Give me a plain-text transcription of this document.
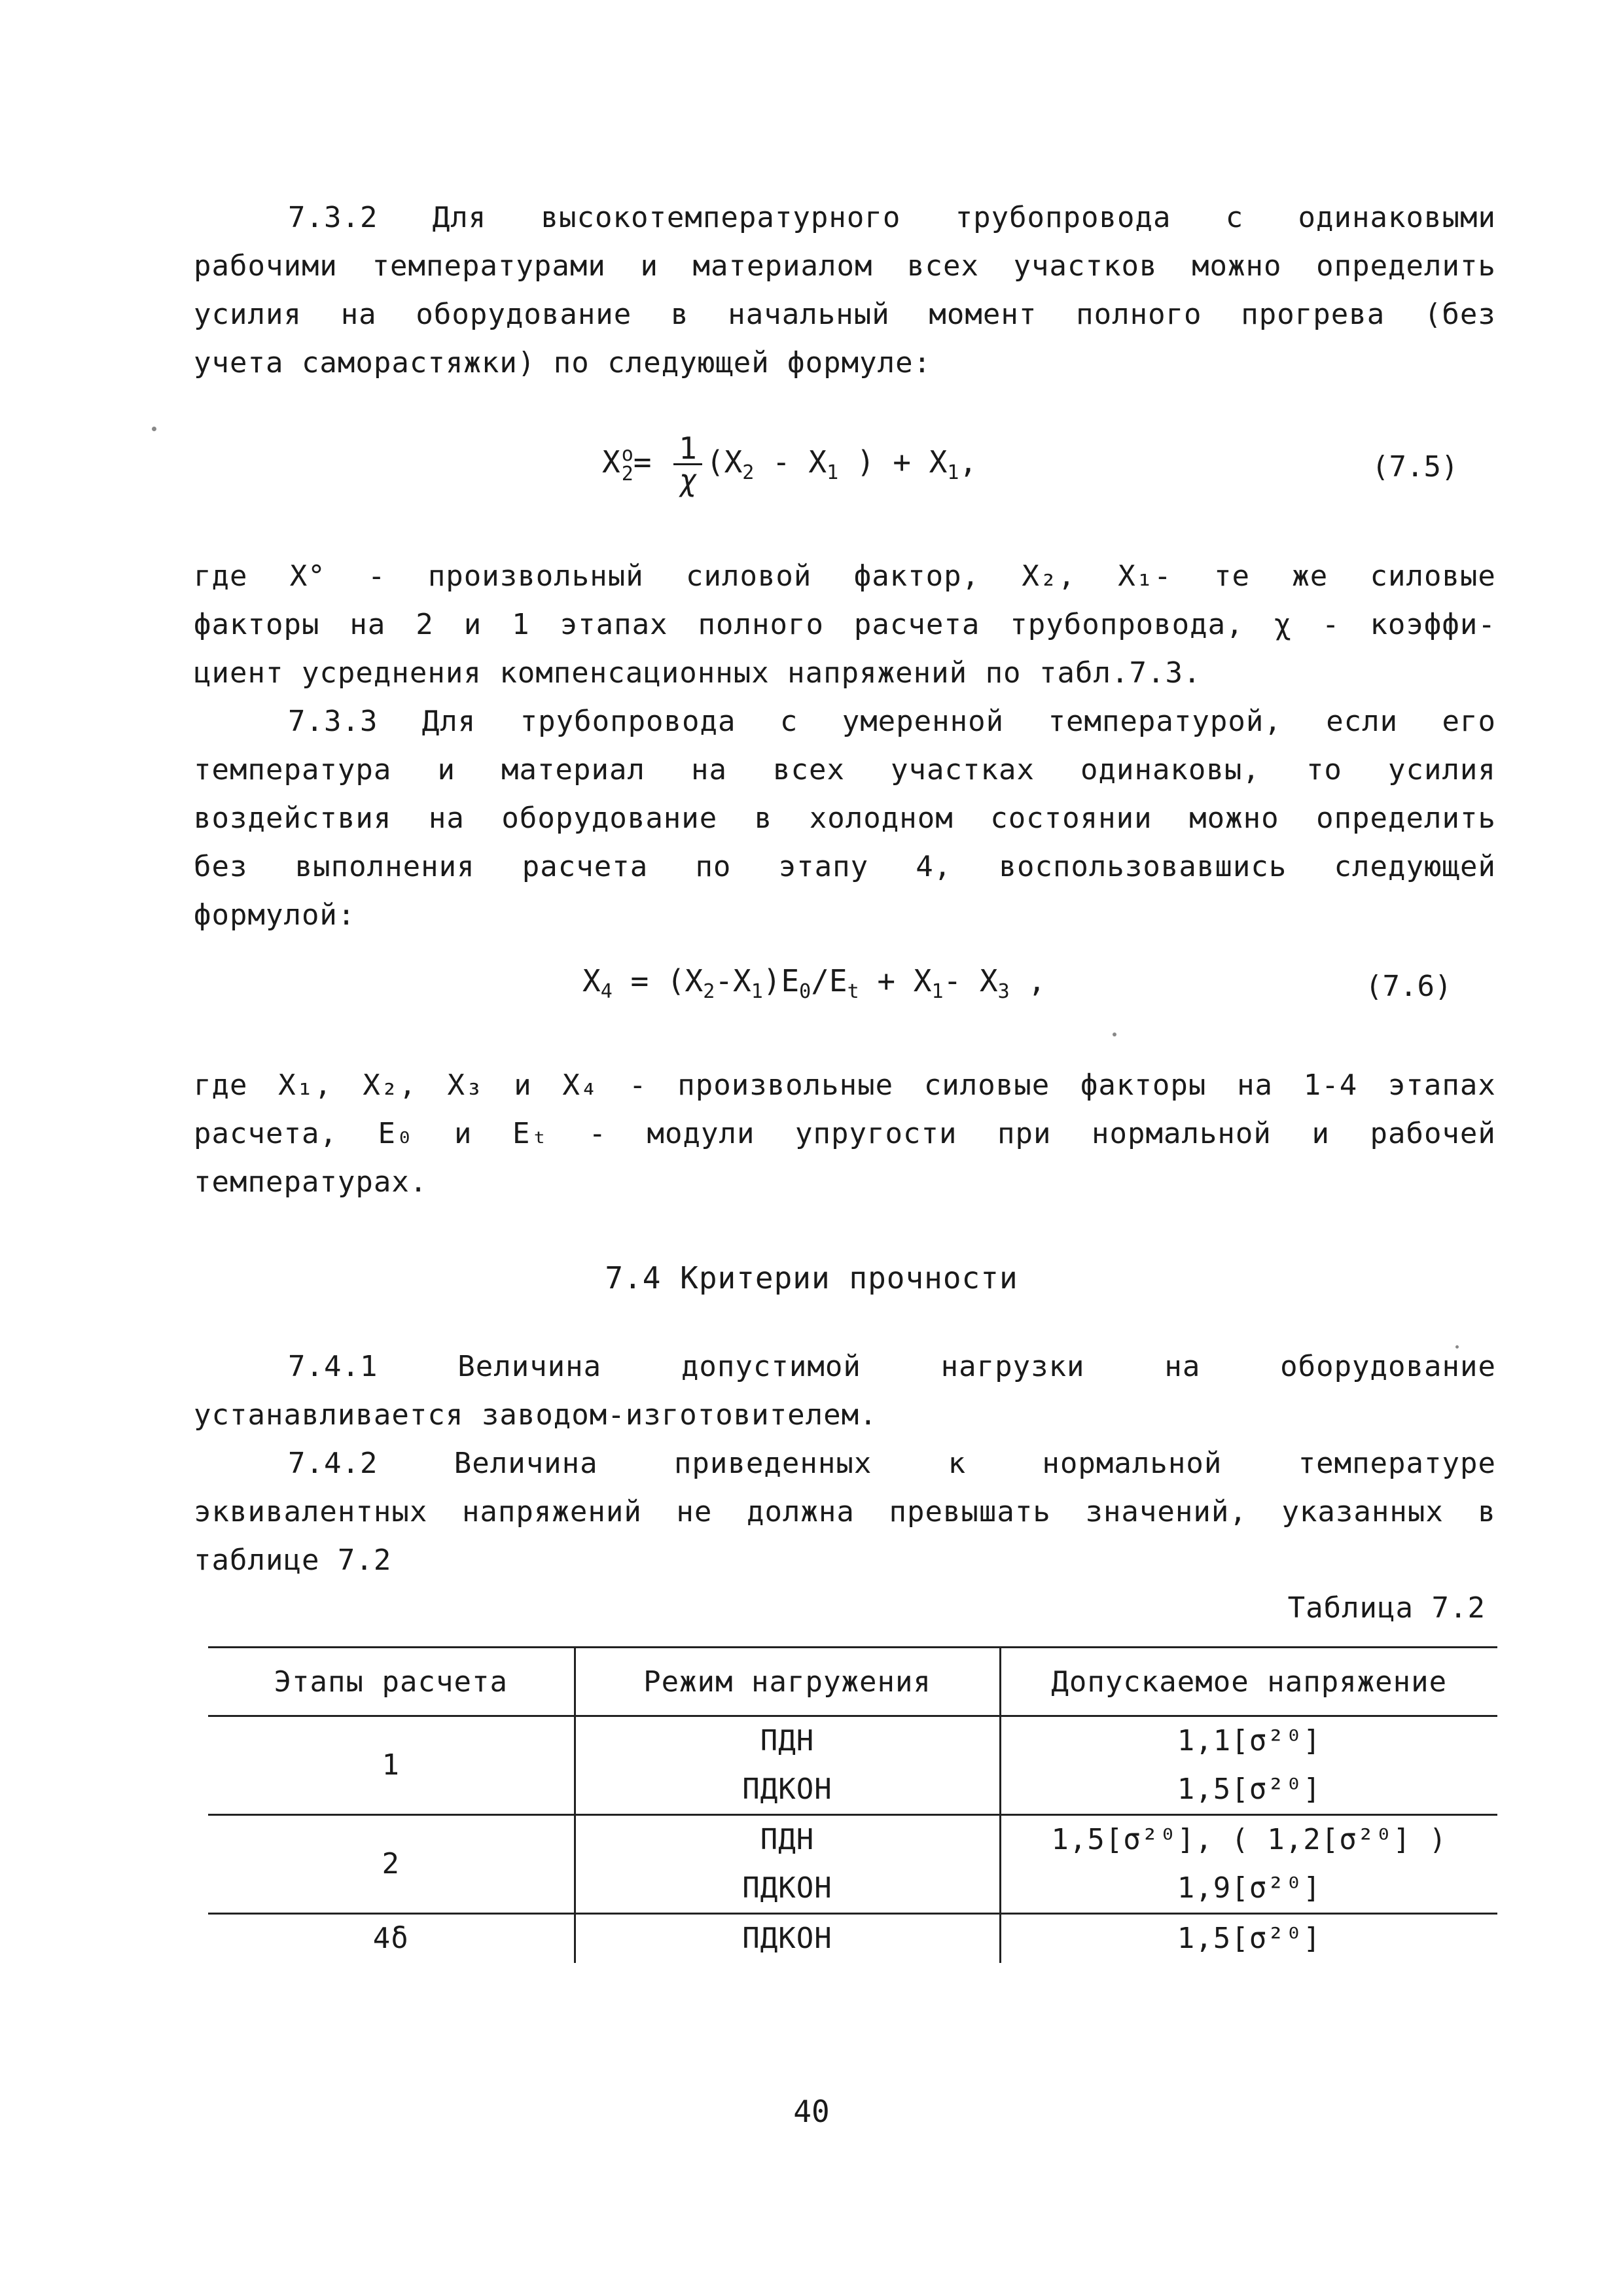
7.3.2 Для высокотемпературного трубопровода с одинаковыми
рабочими температурами и материалом всех участков можно определить
усилия на оборудование в начальный момент полного прогрева (без
учета саморастяжки) по следующей формуле:
X o
$2 = \frac{1}{\chi} (X_2 - X_1$ ) + $X_1$,	(7.5)
где X° - произвольный силовой фактор, X₂, X₁- те же силовые
факторы на 2 и 1 этапах полного расчета трубопровода, χ - коэффи-
циент усреднения компенсационных напряжений по табл.7.3.
7.3.3 Для трубопровода с умеренной температурой, если его
температура и материал на всех участках одинаковы, то усилия
воздействия на оборудование в холодном состоянии можно определить
без выполнения расчета по этапу 4, воспользовавшись следующей
формулой:
$X_4 = (X_2-X_1)E_0/E_t + X_1-$ $X_3$ ,	(7.6)
где X₁, X₂, X₃ и X₄ - произвольные силовые факторы на 1-4 этапах
расчета, E₀ и Eₜ - модули упругости при нормальной и рабочей
температурах.
7.4 Критерии прочности
7.4.1	Величина	допустимой	нагрузки	на	оборудование
устанавливается заводом-изготовителем.
7.4.2	Величина	приведенных	к	нормальной	температуре
эквивалентных напряжений не должна превышать значений, указанных в
таблице 7.2
Таблица 7.2
Этапы расчета	Режим нагружения	Допускаемое напряжение
1	ПДН	1,1[σ²⁰]
	ПДКОН	1,5[σ²⁰]
2	ПДН	1,5[σ²⁰], ( 1,2[σ²⁰] )
	ПДКОН	1,9[σ²⁰]
4δ	ПДКОН	1,5[σ²⁰]
40
